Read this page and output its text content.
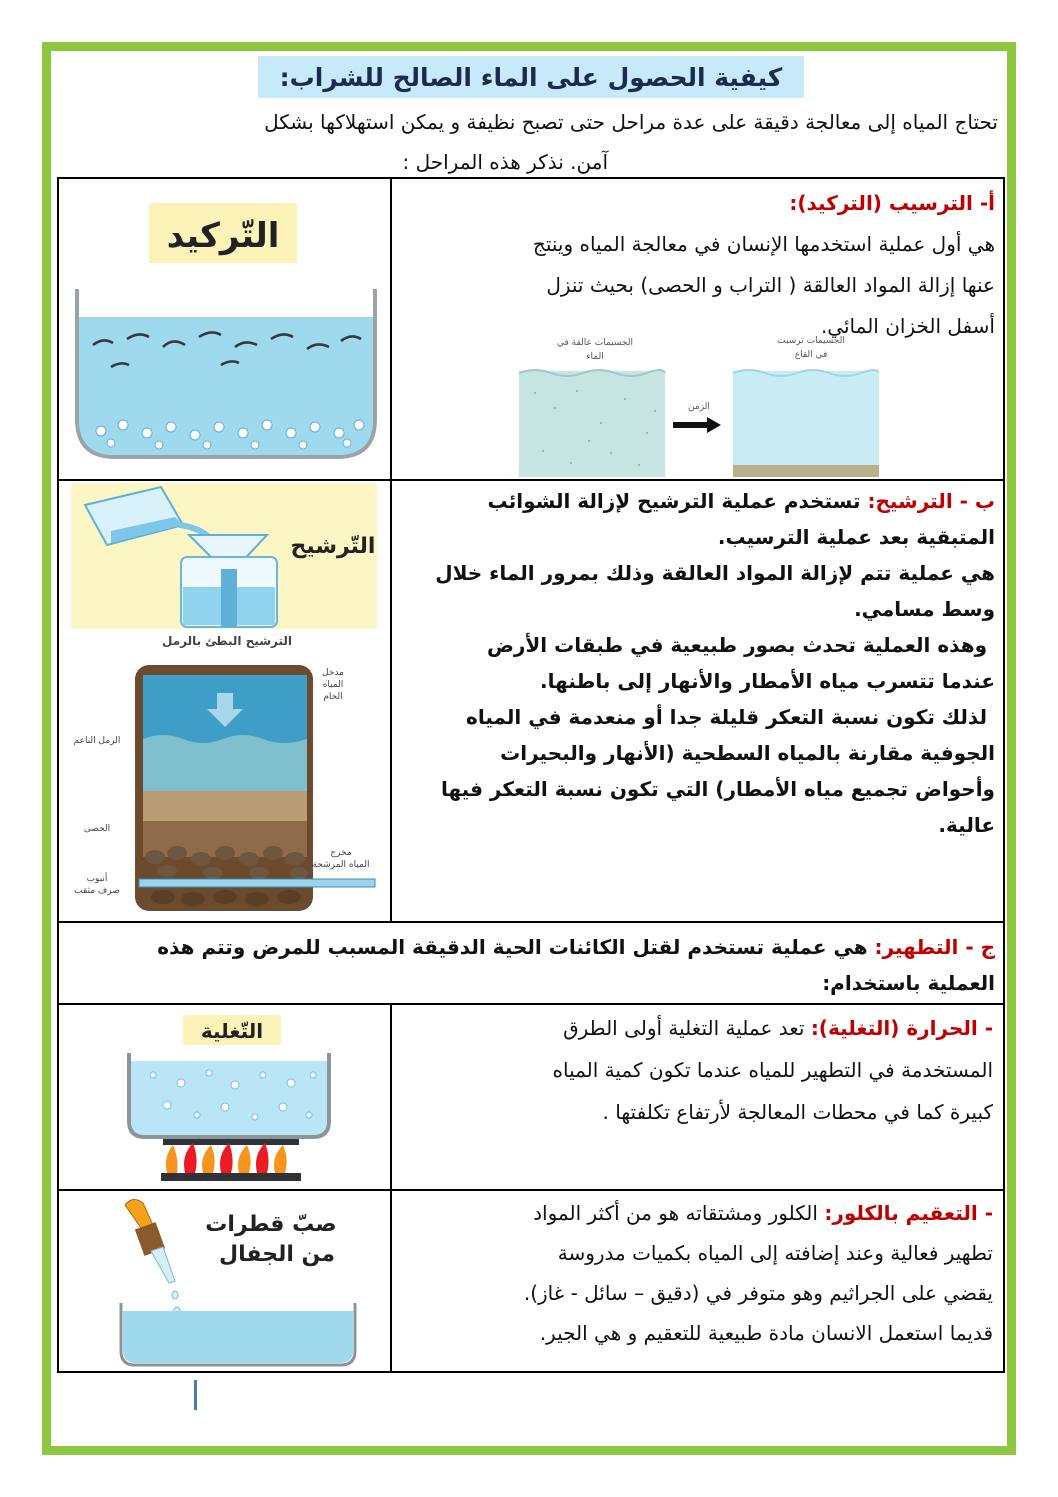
كيفية الحصول على الماء الصالح للشراب:

تحتاج المياه إلى معالجة دقيقة على عدة مراحل حتى تصبح نظيفة و يمكن استهلاكها بشكل

آمن. نذكر هذه المراحل :

أ- الترسيب (التركيد):

هي أول عملية استخدمها الإنسان في معالجة المياه وينتج

عنها إزالة المواد العالقة ( التراب و الحصى) بحيث تنزل

أسفل الخزان المائي.

الجسيمات عالقة في
الماء
الزمن
الجسيمات ترسبت
في القاع
التّركيد

ب - الترشيح: تستخدم عملية الترشيح لإزالة الشوائب

المتبقية بعد عملية الترسيب.

هي عملية تتم لإزالة المواد العالقة وذلك بمرور الماء خلال

وسط مسامي.

وهذه العملية تحدث بصور طبيعية في طبقات الأرض

عندما تتسرب مياه الأمطار والأنهار إلى باطنها.

لذلك تكون نسبة التعكر قليلة جدا أو منعدمة في المياه

الجوفية مقارنة بالمياه السطحية (الأنهار والبحيرات

وأحواض تجميع مياه الأمطار) التي تكون نسبة التعكر فيها

عالية.

التّرشيح
الترشيح البطئ بالرمل
مدخل
المياه
الخام
الرمل الناعم
الحصى
مخرج
المياه المرشحة
أنبوب
صرف مثقب

ج - التطهير: هي عملية تستخدم لقتل الكائنات الحية الدقيقة المسبب للمرض وتتم هذه

العملية باستخدام:

- الحرارة (التغلية): تعد عملية التغلية أولى الطرق

المستخدمة في التطهير للمياه عندما تكون كمية المياه

كبيرة كما في محطات المعالجة لأرتفاع تكلفتها .

التّغلية

- التعقيم بالكلور: الكلور ومشتقاته هو من أكثر المواد

تطهير فعالية وعند إضافته إلى المياه بكميات مدروسة

يقضي على الجراثيم وهو متوفر في (دقيق – سائل - غاز).

قديما استعمل الانسان مادة طبيعية للتعقيم و هي الجير.

صبّ قطرات
من الجفال
